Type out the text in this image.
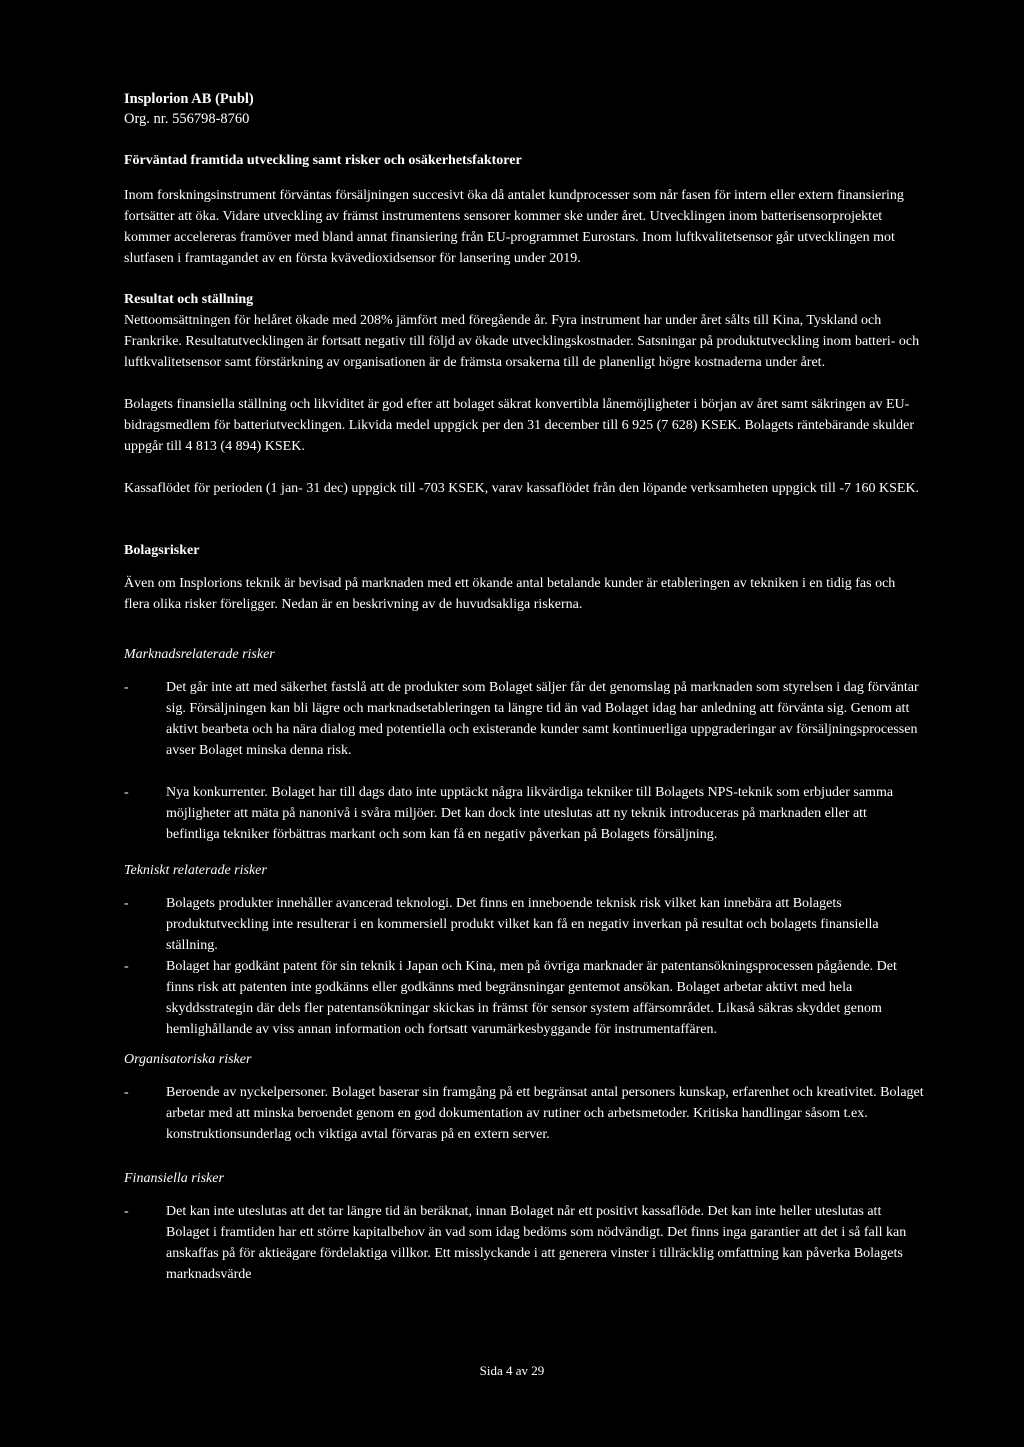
Insplorion AB (Publ)
Org. nr. 556798-8760

Förväntad framtida utveckling samt risker och osäkerhetsfaktorer

Inom forskningsinstrument förväntas försäljningen succesivt öka då antalet kundprocesser som når fasen för intern eller extern finansiering fortsätter att öka. Vidare utveckling av främst instrumentens sensorer kommer ske under året. Utvecklingen inom batterisensorprojektet kommer accelereras framöver med bland annat finansiering från EU-programmet Eurostars. Inom luftkvalitetsensor går utvecklingen mot slutfasen i framtagandet av en första kvävedioxidsensor för lansering under 2019.

Resultat och ställning

Nettoomsättningen för helåret ökade med 208% jämfört med föregående år. Fyra instrument har under året sålts till Kina, Tyskland och Frankrike. Resultatutvecklingen är fortsatt negativ till följd av ökade utvecklingskostnader. Satsningar på produktutveckling inom batteri- och luftkvalitetsensor samt förstärkning av organisationen är de främsta orsakerna till de planenligt högre kostnaderna under året.

Bolagets finansiella ställning och likviditet är god efter att bolaget säkrat konvertibla lånemöjligheter i början av året samt säkringen av EU-bidragsmedlem för batteriutvecklingen. Likvida medel uppgick per den 31 december till 6 925 (7 628) KSEK. Bolagets räntebärande skulder uppgår till 4 813 (4 894) KSEK.

Kassaflödet för perioden (1 jan- 31 dec) uppgick till -703 KSEK, varav kassaflödet från den löpande verksamheten uppgick till -7 160 KSEK.

Bolagsrisker

Även om Insplorions teknik är bevisad på marknaden med ett ökande antal betalande kunder är etableringen av tekniken i en tidig fas och flera olika risker föreligger. Nedan är en beskrivning av de huvudsakliga riskerna.

Marknadsrelaterade risker

-	Det går inte att med säkerhet fastslå att de produkter som Bolaget säljer får det genomslag på marknaden som styrelsen i dag förväntar sig. Försäljningen kan bli lägre och marknadsetableringen ta längre tid än vad Bolaget idag har anledning att förvänta sig. Genom att aktivt bearbeta och ha nära dialog med potentiella och existerande kunder samt kontinuerliga uppgraderingar av försäljningsprocessen avser Bolaget minska denna risk.
-	Nya konkurrenter. Bolaget har till dags dato inte upptäckt några likvärdiga tekniker till Bolagets NPS-teknik som erbjuder samma möjligheter att mäta på nanonivå i svåra miljöer. Det kan dock inte uteslutas att ny teknik introduceras på marknaden eller att befintliga tekniker förbättras markant och som kan få en negativ påverkan på Bolagets försäljning.

Tekniskt relaterade risker

-	Bolagets produkter innehåller avancerad teknologi. Det finns en inneboende teknisk risk vilket kan innebära att Bolagets produktutveckling inte resulterar i en kommersiell produkt vilket kan få en negativ inverkan på resultat och bolagets finansiella ställning.
-	Bolaget har godkänt patent för sin teknik i Japan och Kina, men på övriga marknader är patentansökningsprocessen pågående. Det finns risk att patenten inte godkänns eller godkänns med begränsningar gentemot ansökan. Bolaget arbetar aktivt med hela skyddsstrategin där dels fler patentansökningar skickas in främst för sensor system affärsområdet. Likaså säkras skyddet genom hemlighållande av viss annan information och fortsatt varumärkesbyggande för instrumentaffären.

Organisatoriska risker

-	Beroende av nyckelpersoner. Bolaget baserar sin framgång på ett begränsat antal personers kunskap, erfarenhet och kreativitet. Bolaget arbetar med att minska beroendet genom en god dokumentation av rutiner och arbetsmetoder. Kritiska handlingar såsom t.ex. konstruktionsunderlag och viktiga avtal förvaras på en extern server.

Finansiella risker

-	Det kan inte uteslutas att det tar längre tid än beräknat, innan Bolaget når ett positivt kassaflöde. Det kan inte heller uteslutas att Bolaget i framtiden har ett större kapitalbehov än vad som idag bedöms som nödvändigt. Det finns inga garantier att det i så fall kan anskaffas på för aktieägare fördelaktiga villkor. Ett misslyckande i att generera vinster i tillräcklig omfattning kan påverka Bolagets marknadsvärde
Sida 4 av 29
